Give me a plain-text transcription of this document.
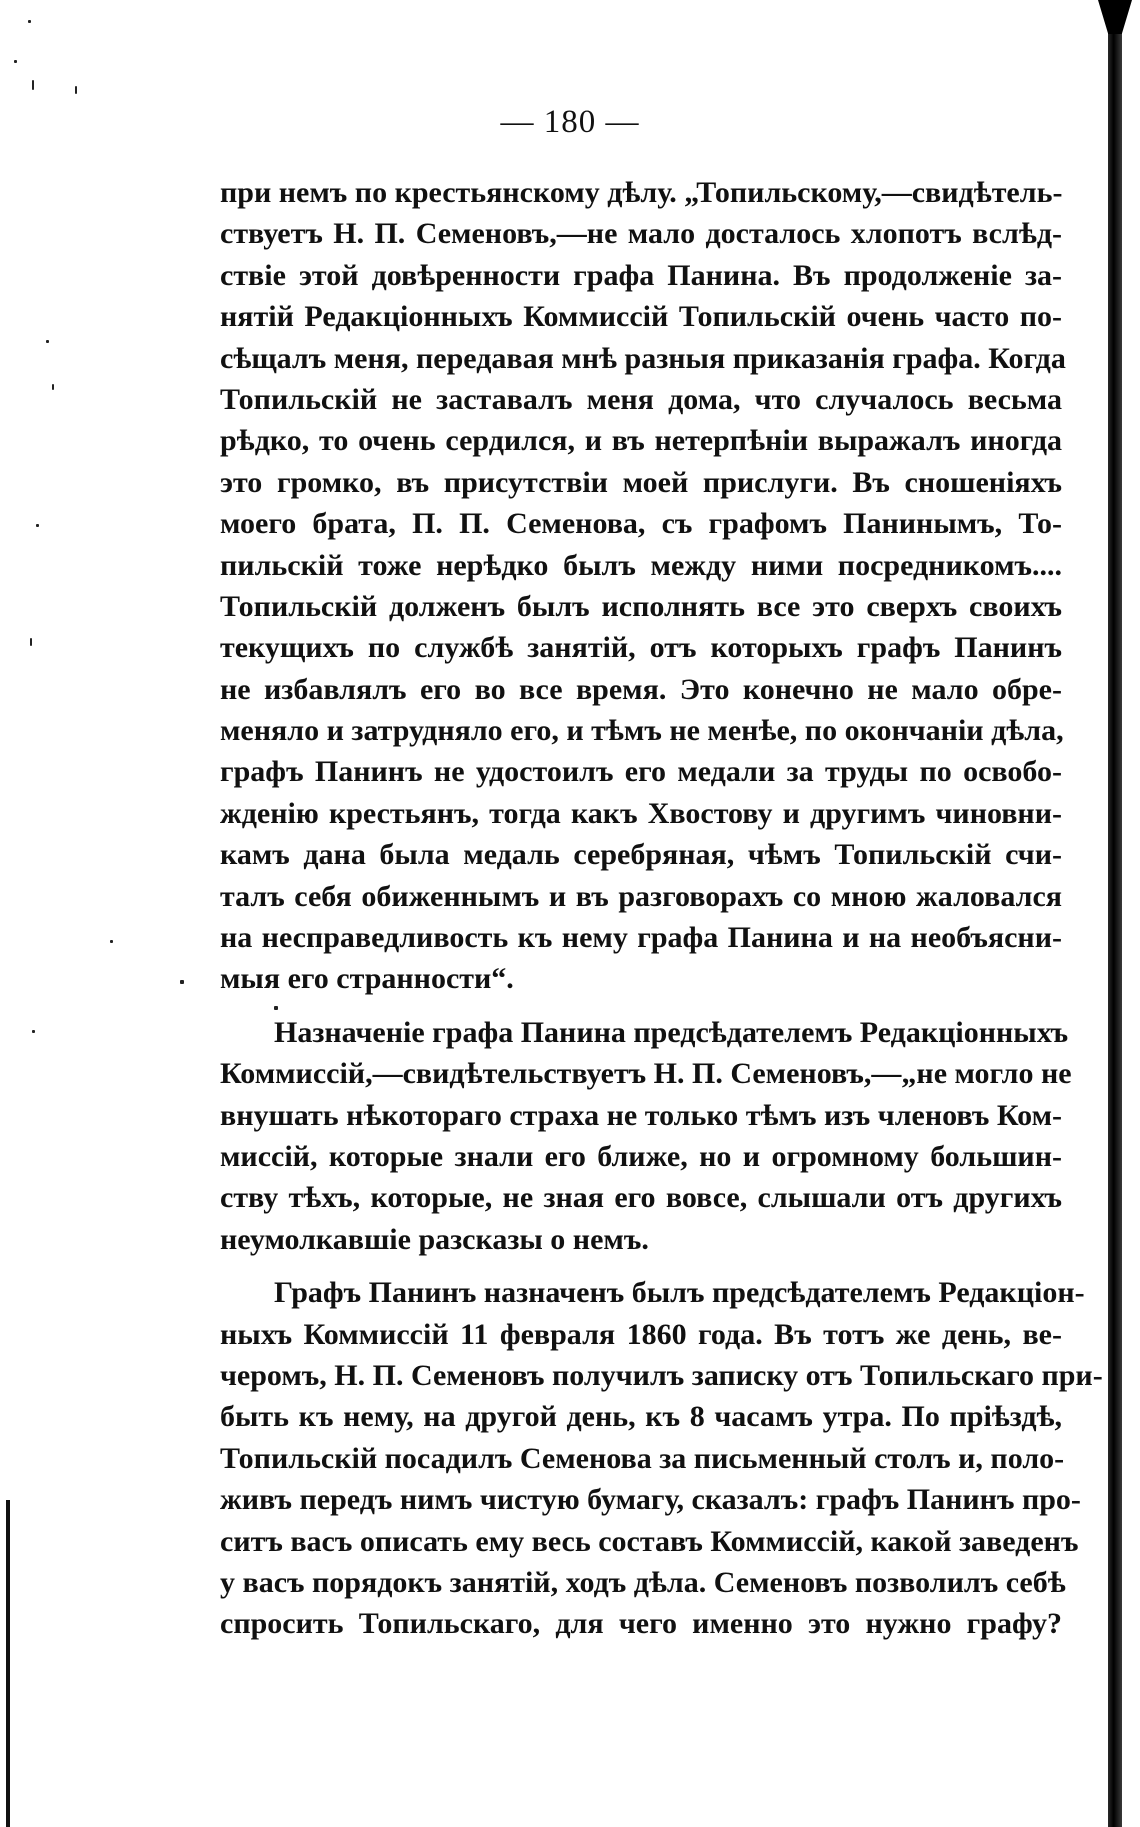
— 180 —
при немъ по крестьянскому дѣлу. „Топильскому,—свидѣтель-
ствуетъ Н. П. Семеновъ,—не мало досталось хлопотъ вслѣд-
ствіе этой довѣренности графа Панина. Въ продолженіе за-
нятій Редакціонныхъ Коммиссій Топильскій очень часто по-
сѣщалъ меня, передавая мнѣ разныя приказанія графа. Когда
Топильскій не заставалъ меня дома, что случалось весьма
рѣдко, то очень сердился, и въ нетерпѣніи выражалъ иногда
это громко, въ присутствіи моей прислуги. Въ сношеніяхъ
моего брата, П. П. Семенова, съ графомъ Панинымъ, То-
пильскій тоже нерѣдко былъ между ними посредникомъ....
Топильскій долженъ былъ исполнять все это сверхъ своихъ
текущихъ по службѣ занятій, отъ которыхъ графъ Панинъ
не избавлялъ его во все время. Это конечно не мало обре-
меняло и затрудняло его, и тѣмъ не менѣе, по окончаніи дѣла,
графъ Панинъ не удостоилъ его медали за труды по освобо-
жденію крестьянъ, тогда какъ Хвостову и другимъ чиновни-
камъ дана была медаль серебряная, чѣмъ Топильскій счи-
талъ себя обиженнымъ и въ разговорахъ со мною жаловался
на несправедливость къ нему графа Панина и на необъясни-
мыя его странности“.
Назначеніе графа Панина предсѣдателемъ Редакціонныхъ
Коммиссій,—свидѣтельствуетъ Н. П. Семеновъ,—„не могло не
внушать нѣкотораго страха не только тѣмъ изъ членовъ Ком-
миссій, которые знали его ближе, но и огромному большин-
ству тѣхъ, которые, не зная его вовсе, слышали отъ другихъ
неумолкавшіе разсказы о немъ.
Графъ Панинъ назначенъ былъ предсѣдателемъ Редакціон-
ныхъ Коммиссій 11 февраля 1860 года. Въ тотъ же день, ве-
черомъ, Н. П. Семеновъ получилъ записку отъ Топильскаго при-
быть къ нему, на другой день, къ 8 часамъ утра. По пріѣздѣ,
Топильскій посадилъ Семенова за письменный столъ и, поло-
живъ передъ нимъ чистую бумагу, сказалъ: графъ Панинъ про-
ситъ васъ описать ему весь составъ Коммиссій, какой заведенъ
у васъ порядокъ занятій, ходъ дѣла. Семеновъ позволилъ себѣ
спросить Топильскаго, для чего именно это нужно графу?
